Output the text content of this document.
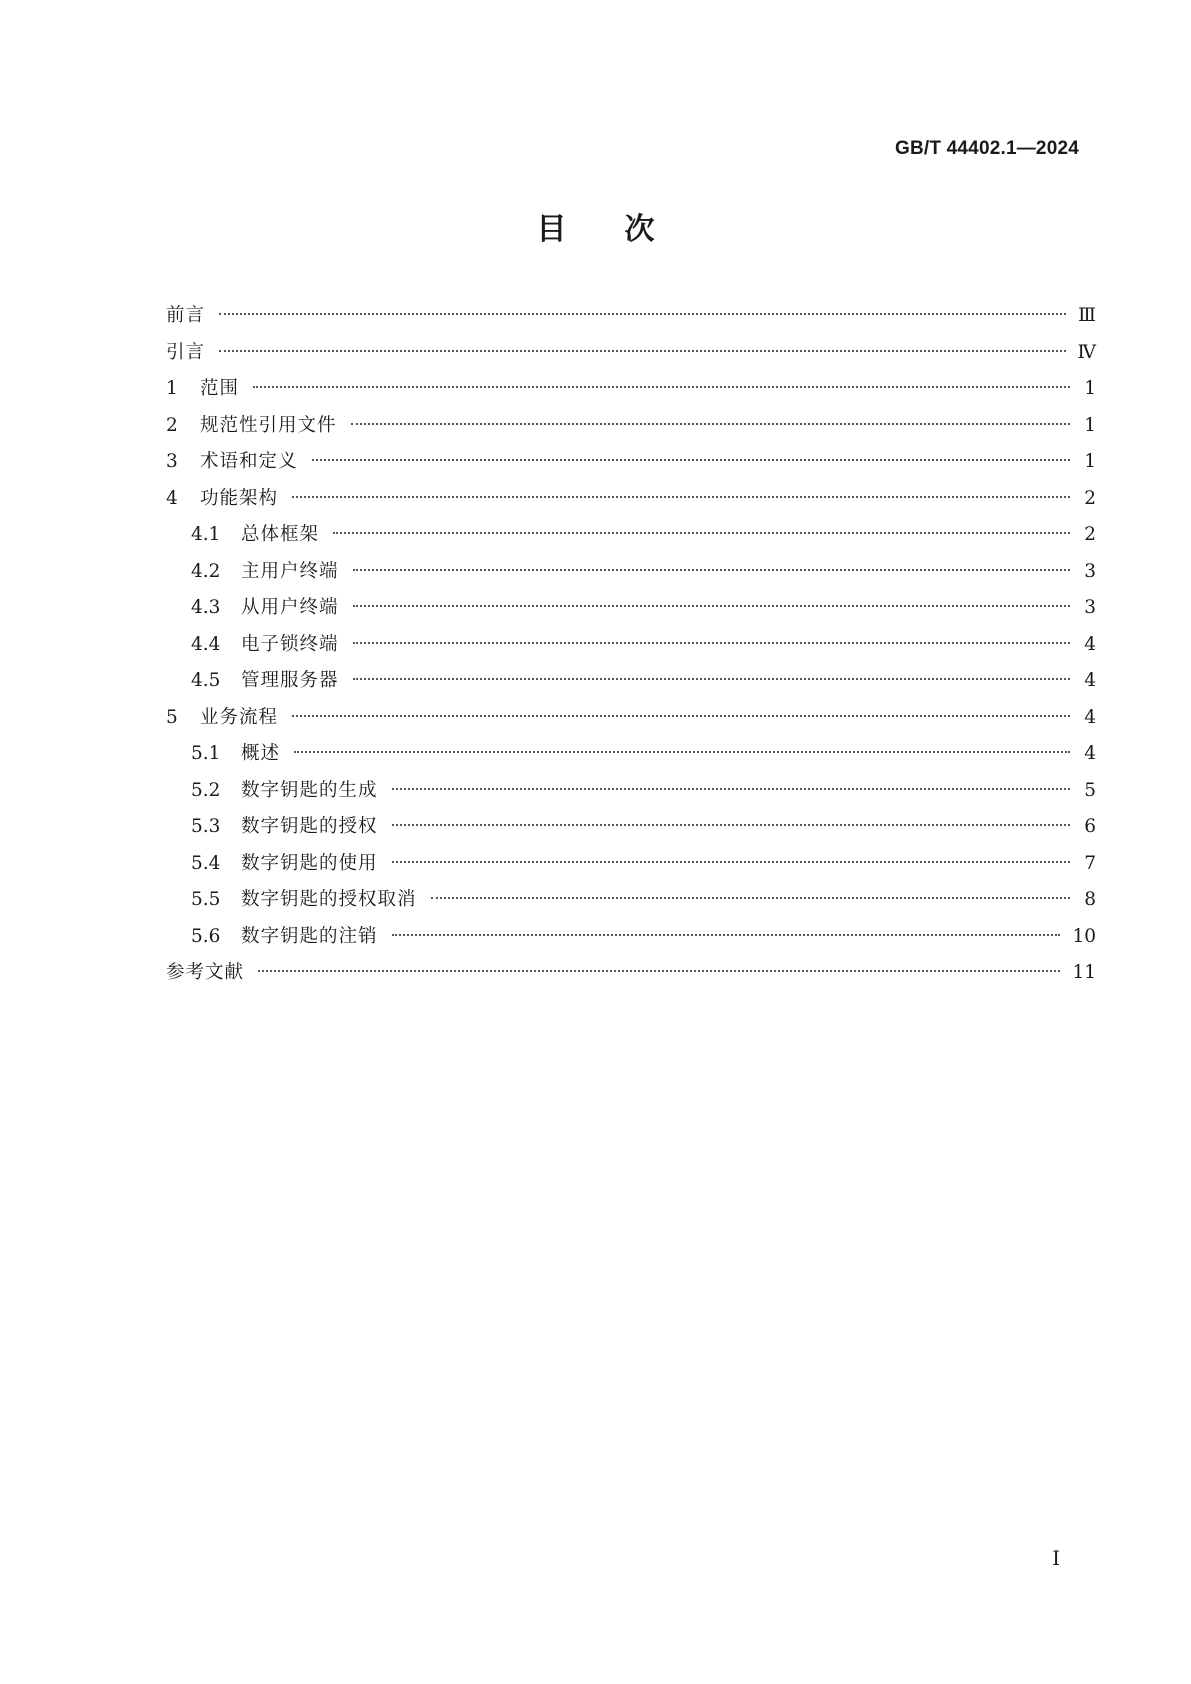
GB/T 44402.1—2024
目次
前言	Ⅲ
引言	Ⅳ
1	范围	1
2	规范性引用文件	1
3	术语和定义	1
4	功能架构	2
4.1	总体框架	2
4.2	主用户终端	3
4.3	从用户终端	3
4.4	电子锁终端	4
4.5	管理服务器	4
5	业务流程	4
5.1	概述	4
5.2	数字钥匙的生成	5
5.3	数字钥匙的授权	6
5.4	数字钥匙的使用	7
5.5	数字钥匙的授权取消	8
5.6	数字钥匙的注销	10
参考文献	11
Ⅰ
